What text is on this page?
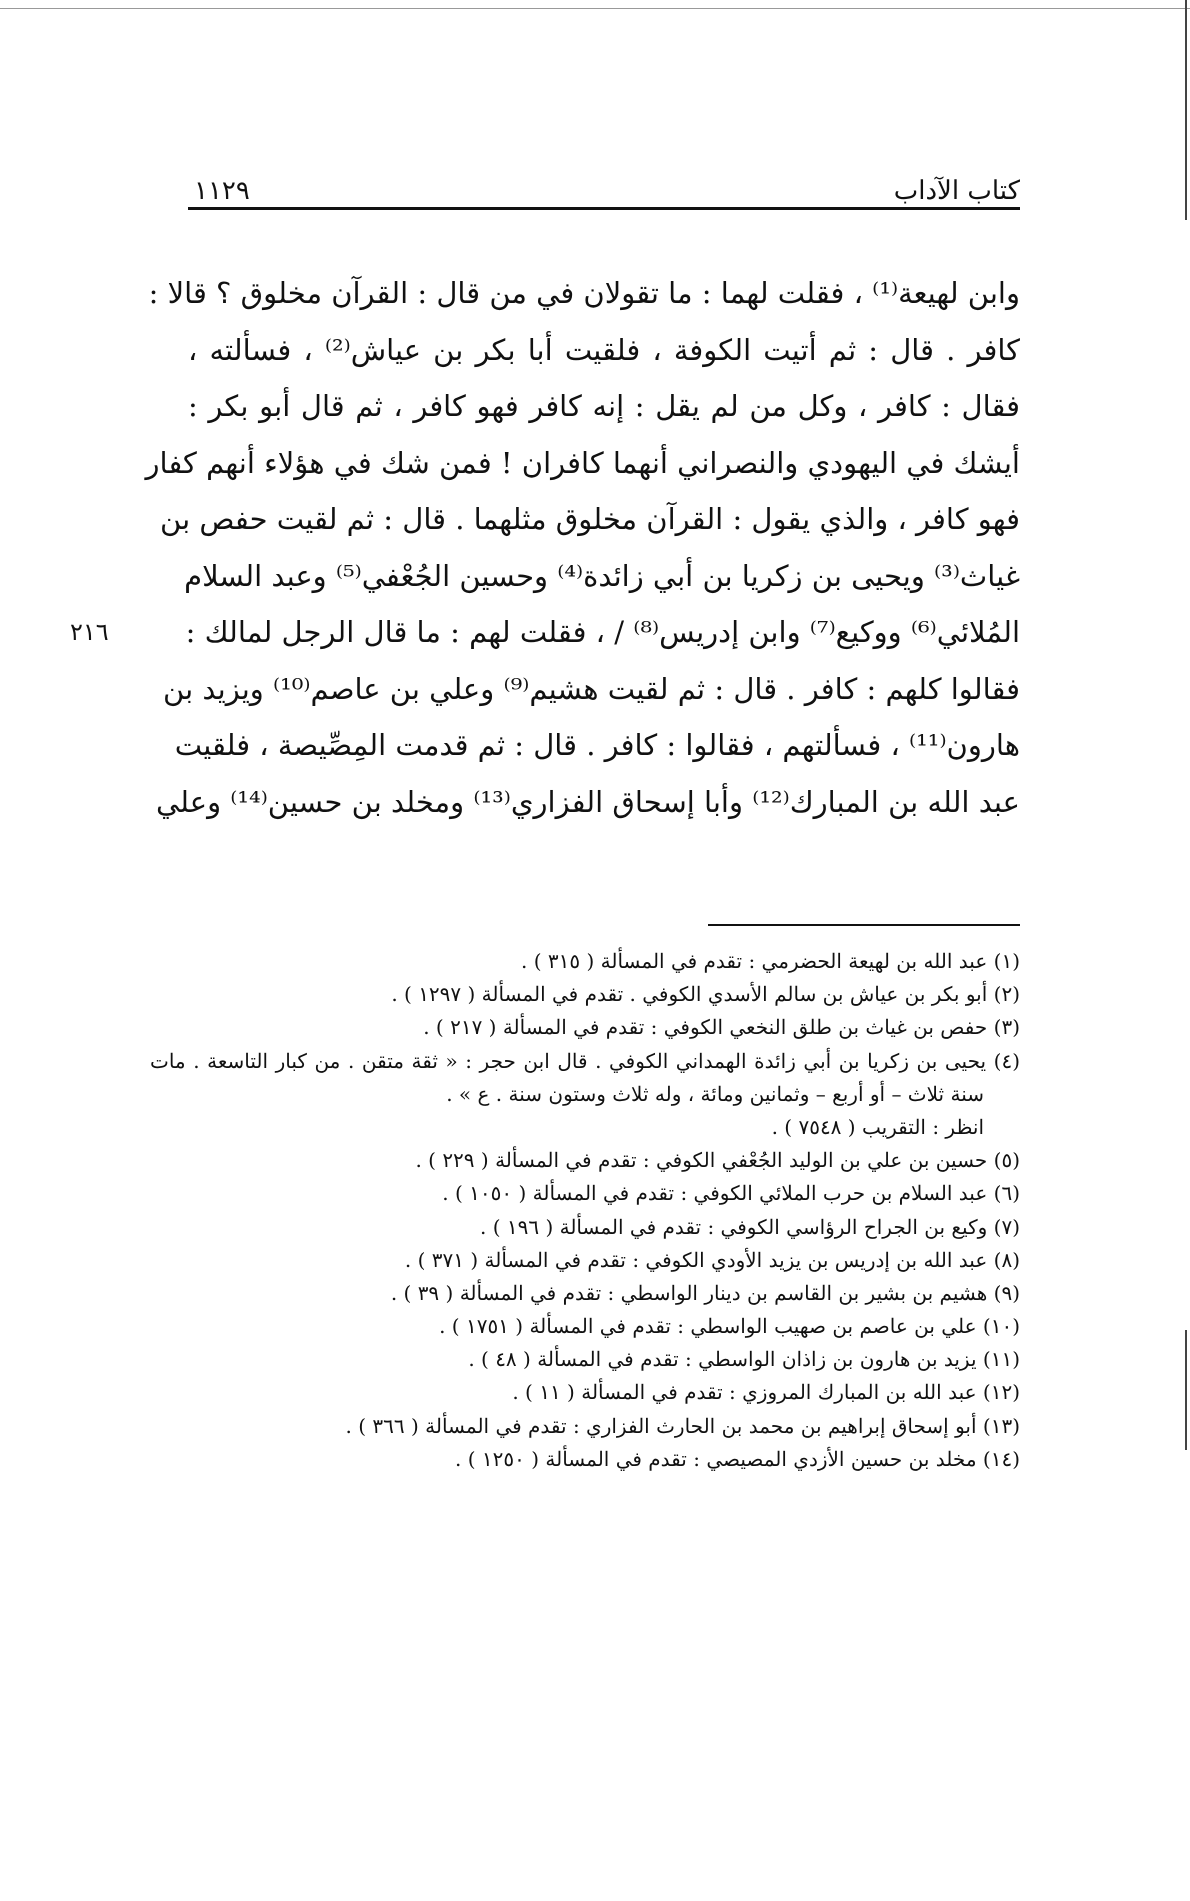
كتاب الآداب
١١٢٩
وابن لهيعة⁽¹⁾ ، فقلت لهما : ما تقولان في من قال : القرآن مخلوق ؟ قالا :
كافر . قال : ثم أتيت الكوفة ، فلقيت أبا بكر بن عياش⁽²⁾ ، فسألته ،
فقال : كافر ، وكل من لم يقل : إنه كافر فهو كافر ، ثم قال أبو بكر :
أيشك في اليهودي والنصراني أنهما كافران ! فمن شك في هؤلاء أنهم كفار
فهو كافر ، والذي يقول : القرآن مخلوق مثلهما . قال : ثم لقيت حفص بن
غياث⁽³⁾ ويحيى بن زكريا بن أبي زائدة⁽⁴⁾ وحسين الجُعْفي⁽⁵⁾ وعبد السلام
المُلائي⁽⁶⁾ ووكيع⁽⁷⁾ وابن إدريس⁽⁸⁾ / ، فقلت لهم : ما قال الرجل لمالك :
فقالوا كلهم : كافر . قال : ثم لقيت هشيم⁽⁹⁾ وعلي بن عاصم⁽¹⁰⁾ ويزيد بن
هارون⁽¹¹⁾ ، فسألتهم ، فقالوا : كافر . قال : ثم قدمت المِصِّيصة ، فلقيت
عبد الله بن المبارك⁽¹²⁾ وأبا إسحاق الفزاري⁽¹³⁾ ومخلد بن حسين⁽¹⁴⁾ وعلي
٢١٦
(١) عبد الله بن لهيعة الحضرمي : تقدم في المسألة ( ٣١٥ ) .
(٢) أبو بكر بن عياش بن سالم الأسدي الكوفي . تقدم في المسألة ( ١٢٩٧ ) .
(٣) حفص بن غياث بن طلق النخعي الكوفي : تقدم في المسألة ( ٢١٧ ) .
(٤) يحيى بن زكريا بن أبي زائدة الهمداني الكوفي . قال ابن حجر : « ثقة متقن . من كبار التاسعة . مات
سنة ثلاث – أو أربع – وثمانين ومائة ، وله ثلاث وستون سنة . ع » .
انظر : التقريب ( ٧٥٤٨ ) .
(٥) حسين بن علي بن الوليد الجُعْفي الكوفي : تقدم في المسألة ( ٢٢٩ ) .
(٦) عبد السلام بن حرب الملائي الكوفي : تقدم في المسألة ( ١٠٥٠ ) .
(٧) وكيع بن الجراح الرؤاسي الكوفي : تقدم في المسألة ( ١٩٦ ) .
(٨) عبد الله بن إدريس بن يزيد الأودي الكوفي : تقدم في المسألة ( ٣٧١ ) .
(٩) هشيم بن بشير بن القاسم بن دينار الواسطي : تقدم في المسألة ( ٣٩ ) .
(١٠) علي بن عاصم بن صهيب الواسطي : تقدم في المسألة ( ١٧٥١ ) .
(١١) يزيد بن هارون بن زاذان الواسطي : تقدم في المسألة ( ٤٨ ) .
(١٢) عبد الله بن المبارك المروزي : تقدم في المسألة ( ١١ ) .
(١٣) أبو إسحاق إبراهيم بن محمد بن الحارث الفزاري : تقدم في المسألة ( ٣٦٦ ) .
(١٤) مخلد بن حسين الأزدي المصيصي : تقدم في المسألة ( ١٢٥٠ ) .
